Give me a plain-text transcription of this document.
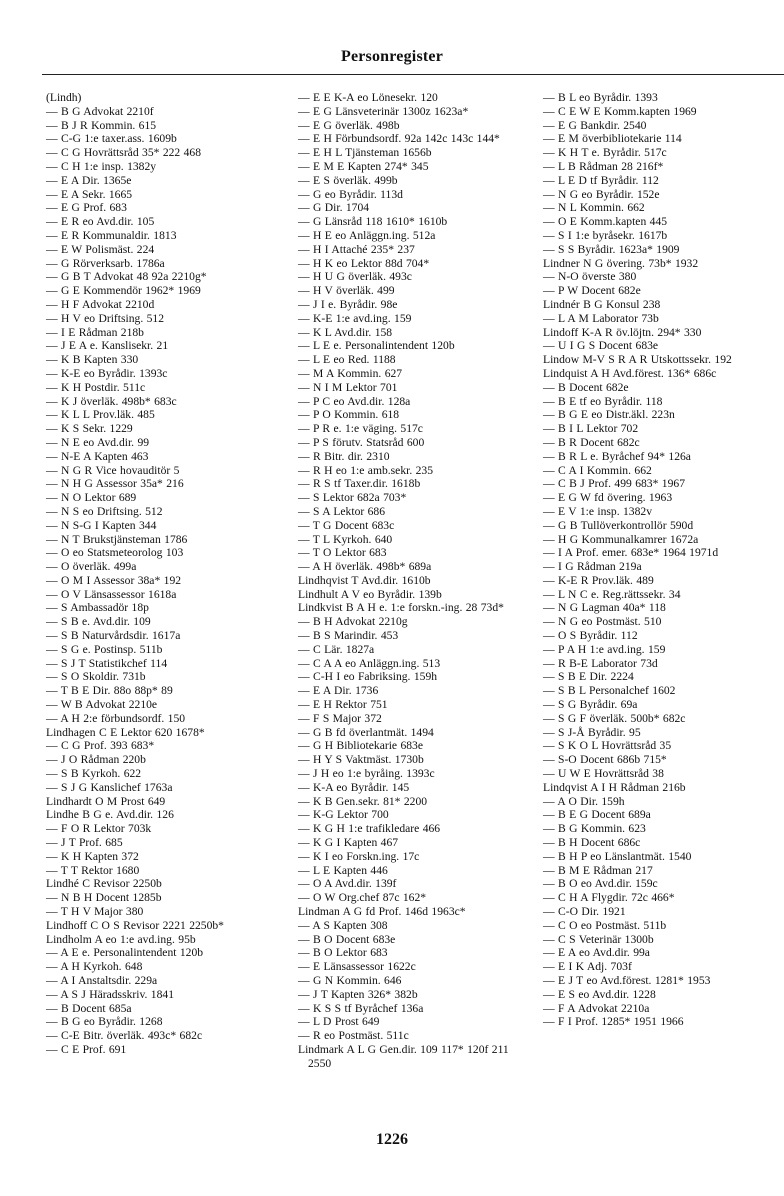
Personregister
(Lindh)
— B G Advokat 2210f
— B J R Kommin. 615
— C-G 1:e taxer.ass. 1609b
— C G Hovrättsråd 35* 222 468
— C H 1:e insp. 1382y
— E A Dir. 1365e
— E A Sekr. 1665
— E G Prof. 683
— E R eo Avd.dir. 105
— E R Kommunaldir. 1813
— E W Polismäst. 224
— G Rörverksarb. 1786a
— G B T Advokat 48 92a 2210g*
— G E Kommendör 1962* 1969
— H F Advokat 2210d
— H V eo Driftsing. 512
— I E Rådman 218b
— J E A e. Kanslisekr. 21
— K B Kapten 330
— K-E eo Byrådir. 1393c
— K H Postdir. 511c
— K J överläk. 498b* 683c
— K L L Prov.läk. 485
— K S Sekr. 1229
— N E eo Avd.dir. 99
— N-E A Kapten 463
— N G R Vice hovauditör 5
— N H G Assessor 35a* 216
— N O Lektor 689
— N S eo Driftsing. 512
— N S-G I Kapten 344
— N T Brukstjänsteman 1786
— O eo Statsmeteorolog 103
— O överläk. 499a
— O M I Assessor 38a* 192
— O V Länsassessor 1618a
— S Ambassadör 18p
— S B e. Avd.dir. 109
— S B Naturvårdsdir. 1617a
— S G e. Postinsp. 511b
— S J T Statistikchef 114
— S O Skoldir. 731b
— T B E Dir. 88o 88p* 89
— W B Advokat 2210e
— A H 2:e förbundsordf. 150
Lindhagen C E Lektor 620 1678*
— C G Prof. 393 683*
— J O Rådman 220b
— S B Kyrkoh. 622
— S J G Kanslichef 1763a
Lindhardt O M Prost 649
Lindhe B G e. Avd.dir. 126
— F O R Lektor 703k
— J T Prof. 685
— K H Kapten 372
— T T Rektor 1680
Lindhé C Revisor 2250b
— N B H Docent 1285b
— T H V Major 380
Lindhoff C O S Revisor 2221 2250b*
Lindholm A eo 1:e avd.ing. 95b
— A E e. Personalintendent 120b
— A H Kyrkoh. 648
— A I Anstaltsdir. 229a
— A S J Häradsskriv. 1841
— B Docent 685a
— B G eo Byrådir. 1268
— C-E Bitr. överläk. 493c* 682c
— C E Prof. 691
— E E K-A eo Lönesekr. 120
— E G Länsveterinär 1300z 1623a*
— E G överläk. 498b
— E H Förbundsordf. 92a 142c 143c 144*
— E H L Tjänsteman 1656b
— E M E Kapten 274* 345
— E S överläk. 499b
— G eo Byrådir. 113d
— G Dir. 1704
— G Länsråd 118 1610* 1610b
— H E eo Anläggn.ing. 512a
— H I Attaché 235* 237
— H K eo Lektor 88d 704*
— H U G överläk. 493c
— H V överläk. 499
— J I e. Byrådir. 98e
— K-E 1:e avd.ing. 159
— K L Avd.dir. 158
— L E e. Personalintendent 120b
— L E eo Red. 1188
— M A Kommin. 627
— N I M Lektor 701
— P C eo Avd.dir. 128a
— P O Kommin. 618
— P R e. 1:e väging. 517c
— P S förutv. Statsråd 600
— R Bitr. dir. 2310
— R H eo 1:e amb.sekr. 235
— R S tf Taxer.dir. 1618b
— S Lektor 682a 703*
— S A Lektor 686
— T G Docent 683c
— T L Kyrkoh. 640
— T O Lektor 683
— A H överläk. 498b* 689a
Lindhqvist T Avd.dir. 1610b
Lindhult A V eo Byrådir. 139b
Lindkvist B A H e. 1:e forskn.-ing. 28 73d*
— B H Advokat 2210g
— B S Marindir. 453
— C Lär. 1827a
— C A A eo Anläggn.ing. 513
— C-H I eo Fabriksing. 159h
— E A Dir. 1736
— E H Rektor 751
— F S Major 372
— G B fd överlantmät. 1494
— G H Bibliotekarie 683e
— H Y S Vaktmäst. 1730b
— J H eo 1:e byråing. 1393c
— K-A eo Byrådir. 145
— K B Gen.sekr. 81* 2200
— K-G Lektor 700
— K G H 1:e trafikledare 466
— K G I Kapten 467
— K I eo Forskn.ing. 17c
— L E Kapten 446
— O A Avd.dir. 139f
— O W Org.chef 87c 162*
Lindman A G fd Prof. 146d 1963c*
— A S Kapten 308
— B O Docent 683e
— B O Lektor 683
— E Länsassessor 1622c
— G N Kommin. 646
— J T Kapten 326* 382b
— K S S tf Byråchef 136a
— L D Prost 649
— R eo Postmäst. 511c
Lindmark A L G Gen.dir. 109 117* 120f 211 2550
— B L eo Byrådir. 1393
— C E W E Komm.kapten 1969
— E G Bankdir. 2540
— E M överbibliotekarie 114
— K H T e. Byrådir. 517c
— L B Rådman 28 216f*
— L E D tf Byrådir. 112
— N G eo Byrådir. 152e
— N L Kommin. 662
— O E Komm.kapten 445
— S I 1:e byråsekr. 1617b
— S S Byrådir. 1623a* 1909
Lindner N G övering. 73b* 1932
— N-O överste 380
— P W Docent 682e
Lindnér B G Konsul 238
— L A M Laborator 73b
Lindoff K-A R öv.löjtn. 294* 330
— U I G S Docent 683e
Lindow M-V S R A R Utskottssekr. 192
Lindquist A H Avd.förest. 136* 686c
— B Docent 682e
— B E tf eo Byrådir. 118
— B G E eo Distr.äkl. 223n
— B I L Lektor 702
— B R Docent 682c
— B R L e. Byråchef 94* 126a
— C A I Kommin. 662
— C B J Prof. 499 683* 1967
— E G W fd övering. 1963
— E V 1:e insp. 1382v
— G B Tullöverkontrollör 590d
— H G Kommunalkamrer 1672a
— I A Prof. emer. 683e* 1964 1971d
— I G Rådman 219a
— K-E R Prov.läk. 489
— L N C e. Reg.rättssekr. 34
— N G Lagman 40a* 118
— N G eo Postmäst. 510
— O S Byrådir. 112
— P A H 1:e avd.ing. 159
— R B-E Laborator 73d
— S B E Dir. 2224
— S B L Personalchef 1602
— S G Byrådir. 69a
— S G F överläk. 500b* 682c
— S J-Å Byrådir. 95
— S K O L Hovrättsråd 35
— S-O Docent 686b 715*
— U W E Hovrättsråd 38
Lindqvist A I H Rådman 216b
— A O Dir. 159h
— B E G Docent 689a
— B G Kommin. 623
— B H Docent 686c
— B H P eo Länslantmät. 1540
— B M E Rådman 217
— B O eo Avd.dir. 159c
— C H A Flygdir. 72c 466*
— C-O Dir. 1921
— C O eo Postmäst. 511b
— C S Veterinär 1300b
— E A eo Avd.dir. 99a
— E I K Adj. 703f
— E J T eo Avd.förest. 1281* 1953
— E S eo Avd.dir. 1228
— F A Advokat 2210a
— F I Prof. 1285* 1951 1966
1226
